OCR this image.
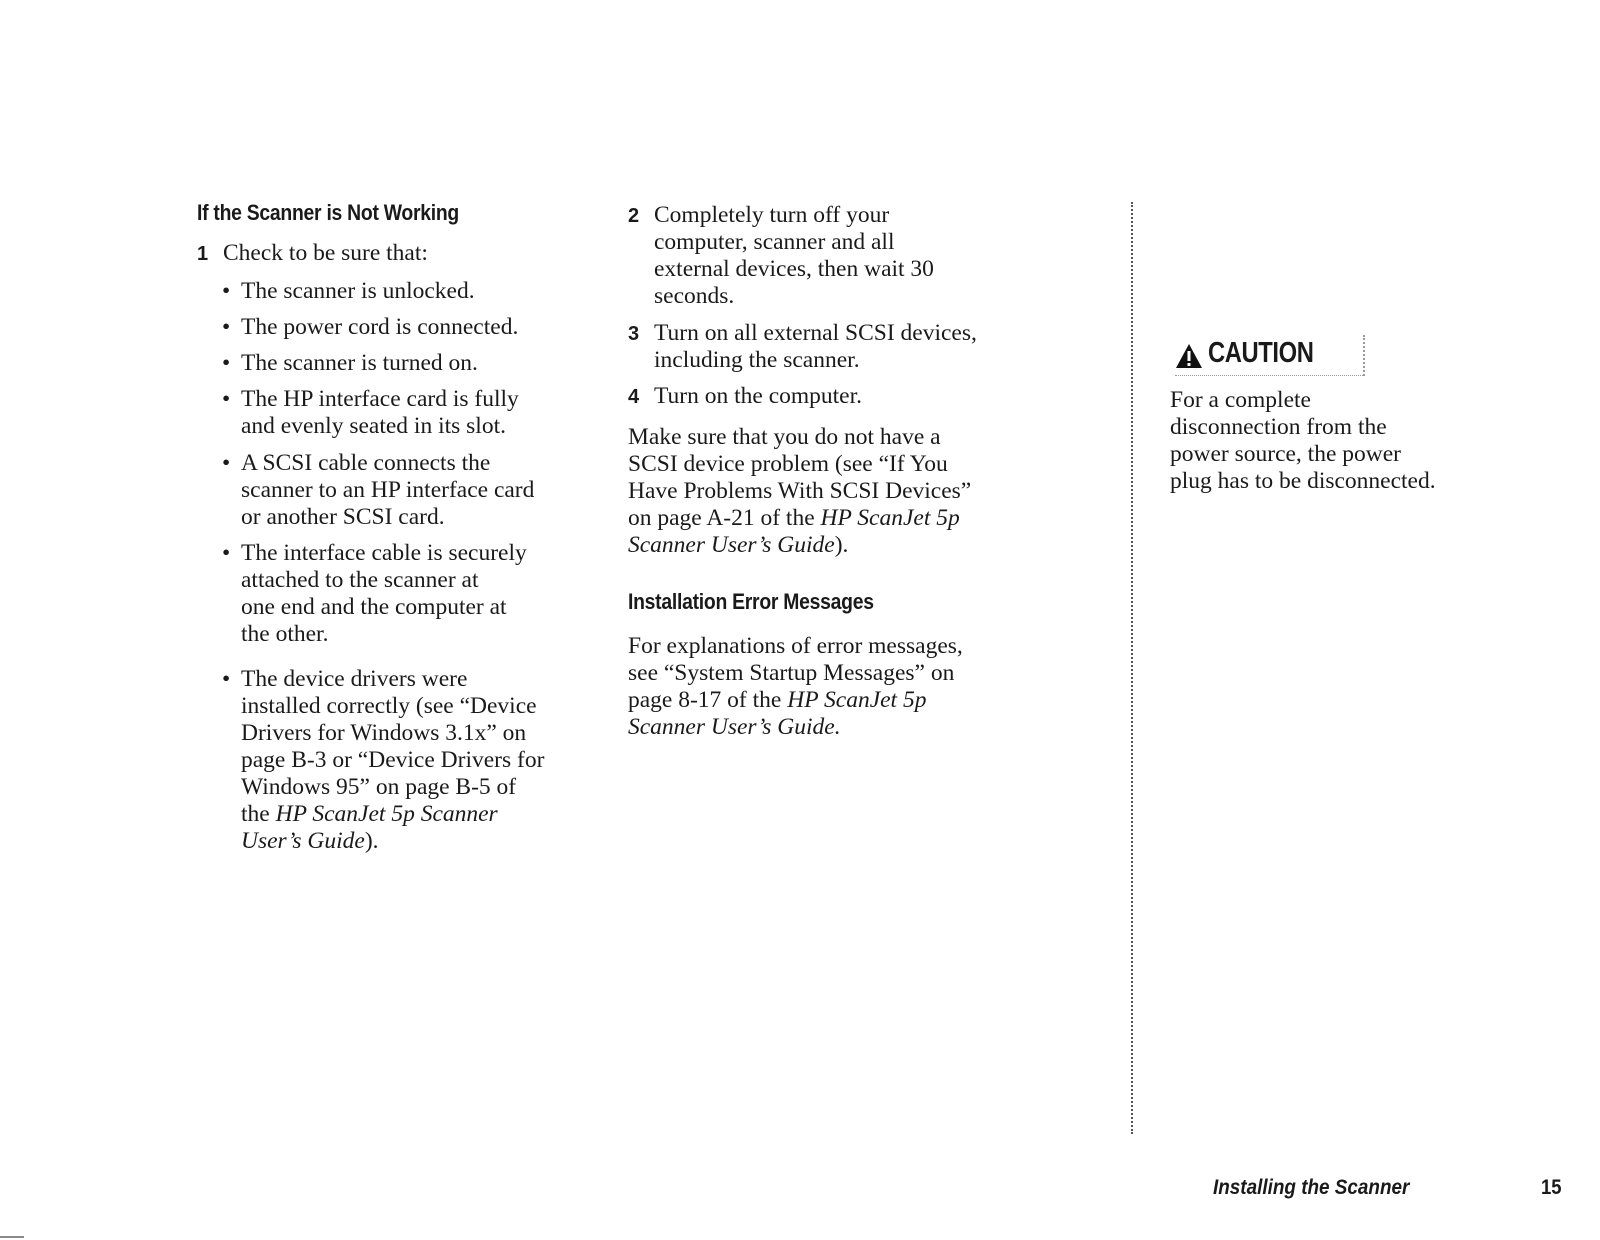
If the Scanner is Not Working
1 Check to be sure that:
• The scanner is unlocked.
• The power cord is connected.
• The scanner is turned on.
• The HP interface card is fully
and evenly seated in its slot.
• A SCSI cable connects the
scanner to an HP interface card
or another SCSI card.
• The interface cable is securely
attached to the scanner at
one end and the computer at
the other.
• The device drivers were
installed correctly (see “Device
Drivers for Windows 3.1x” on
page B-3 or “Device Drivers for
Windows 95” on page B-5 of
the HP ScanJet 5p Scanner
User’s Guide).
2 Completely turn off your
computer, scanner and all
external devices, then wait 30
seconds.
3 Turn on all external SCSI devices,
including the scanner.
4 Turn on the computer.
Make sure that you do not have a
SCSI device problem (see “If You
Have Problems With SCSI Devices”
on page A-21 of the HP ScanJet 5p
Scanner User’s Guide).
Installation Error Messages
For explanations of error messages,
see “System Startup Messages” on
page 8-17 of the HP ScanJet 5p
Scanner User’s Guide.
CAUTION
For a complete
disconnection from the
power source, the power
plug has to be disconnected.
Installing the Scanner	15
